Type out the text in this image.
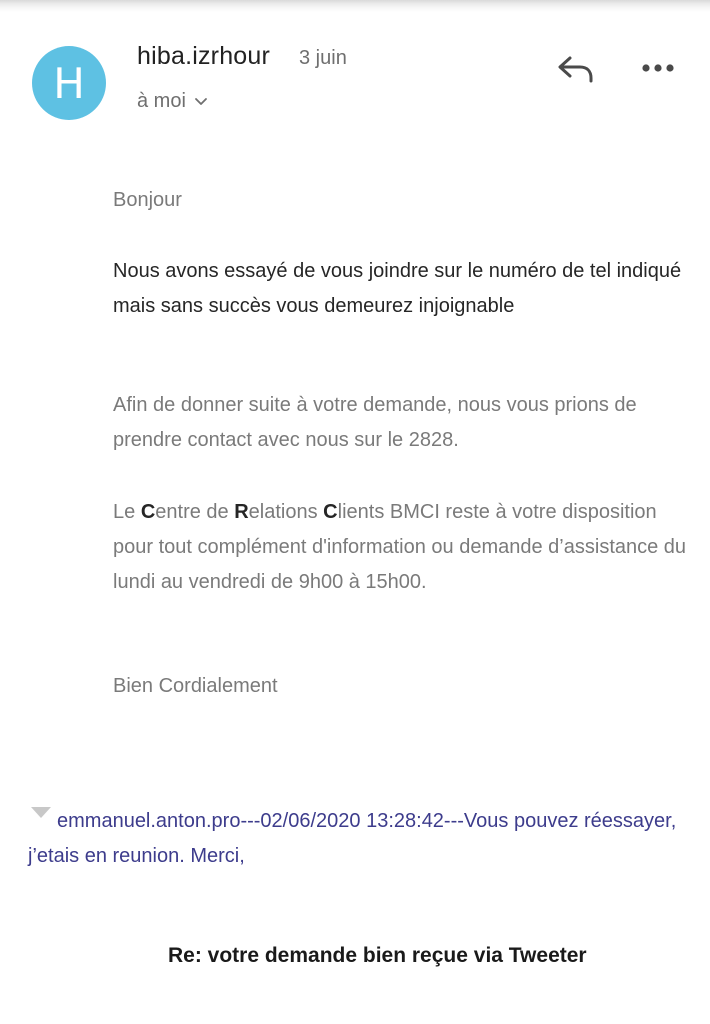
H
hiba.izrhour 3 juin
à moi
Bonjour
Nous avons essayé de vous joindre sur le numéro de tel indiqué mais sans succès vous demeurez injoignable
Afin de donner suite à votre demande, nous vous prions de prendre contact avec nous sur le 2828.
Le Centre de Relations Clients BMCI reste à votre disposition pour tout complément d'information ou demande d’assistance du lundi au vendredi de 9h00 à 15h00.
Bien Cordialement
emmanuel.anton.pro---02/06/2020 13:28:42---Vous pouvez réessayer, j’etais en reunion. Merci,
Re: votre demande bien reçue via Tweeter
